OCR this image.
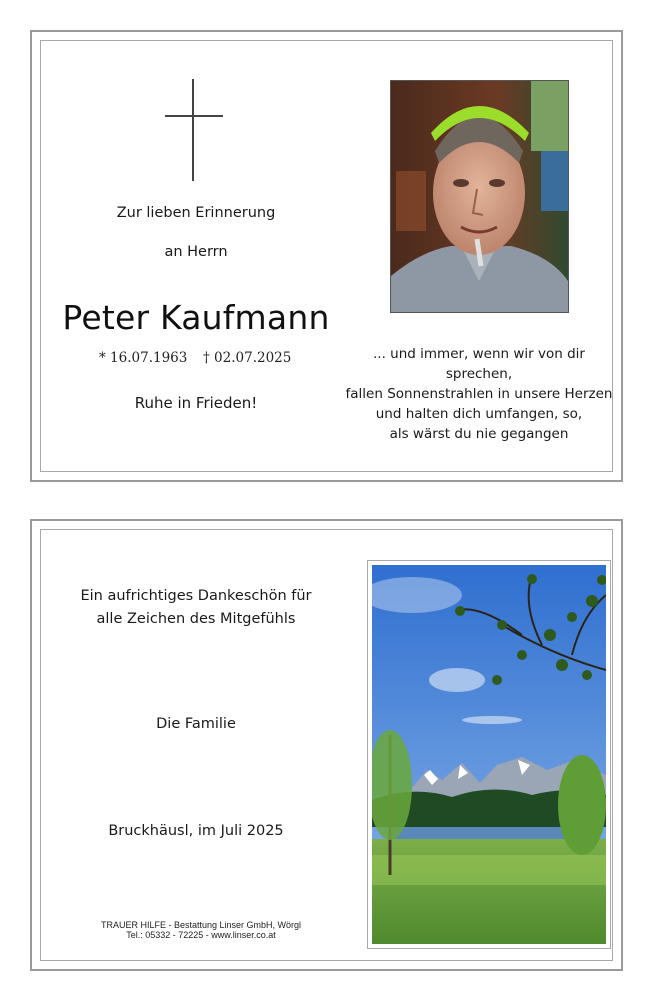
Zur lieben Erinnerung
an Herrn
Peter Kaufmann
* 16.07.1963 † 02.07.2025
Ruhe in Frieden!
... und immer, wenn wir von dir sprechen,
fallen Sonnenstrahlen in unsere Herzen
und halten dich umfangen, so,
als wärst du nie gegangen
Ein aufrichtiges Dankeschön für
alle Zeichen des Mitgefühls
Die Familie
Bruckhäusl, im Juli 2025
TRAUER HILFE - Bestattung Linser GmbH, Wörgl
Tel.: 05332 - 72225 - www.linser.co.at
